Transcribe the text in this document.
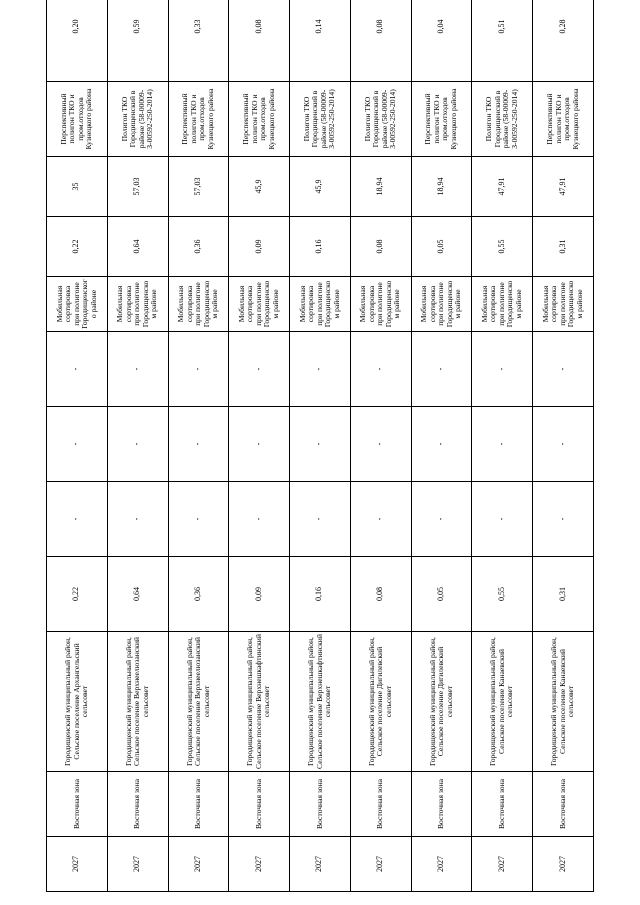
2027	Восточная зона	Городищенский муниципальный район, Сельское поселение Архангельский сельсовет	0,22	-	-	-	Мобильная сортировка при полигоне Городищенского районе	0,22	35	Перспективный полигон ТКО и пром.отходов Кузнецкого района	0,20	
2027	Восточная зона	Городищенский муниципальный район, Сельское поселение Верхнеелюзанский сельсовет	0,64	-	-	-	Мобильная сортировка при полигоне Городищенском районе	0,64	57,03	Полигон ТКО Городищенский в районе (58-00009-З-00592-250-2014)	0,59	
2027	Восточная зона	Городищенский муниципальный район, Сельское поселение Верхнеелюзанский сельсовет	0,36	-	-	-	Мобильная сортировка при полигоне Городищенском районе	0,36	57,03	Перспективный полигон ТКО и пром.отходов Кузнецкого района	0,33	
2027	Восточная зона	Городищенский муниципальный район, Сельское поселение Верхнешкафтинский сельсовет	0,09	-	-	-	Мобильная сортировка при полигоне Городищенском районе	0,09	45,9	Перспективный полигон ТКО и пром.отходов Кузнецкого района	0,08	
2027	Восточная зона	Городищенский муниципальный район, Сельское поселение Верхнешкафтинский сельсовет	0,16	-	-	-	Мобильная сортировка при полигоне Городищенском районе	0,16	45,9	Полигон ТКО Городищенский в районе (58-00009-З-00592-250-2014)	0,14	
2027	Восточная зона	Городищенский муниципальный район, Сельское поселение Дигилевский сельсовет	0,08	-	-	-	Мобильная сортировка при полигоне Городищенском районе	0,08	18,94	Полигон ТКО Городищенский в районе (58-00009-З-00592-250-2014)	0,08	
2027	Восточная зона	Городищенский муниципальный район, Сельское поселение Дигилевский сельсовет	0,05	-	-	-	Мобильная сортировка при полигоне Городищенском районе	0,05	18,94	Перспективный полигон ТКО и пром.отходов Кузнецкого района	0,04	
2027	Восточная зона	Городищенский муниципальный район, Сельское поселение Канаевский сельсовет	0,55	-	-	-	Мобильная сортировка при полигоне Городищенском районе	0,55	47,91	Полигон ТКО Городищенский в районе (58-00009-З-00592-250-2014)	0,51	
2027	Восточная зона	Городищенский муниципальный район, Сельское поселение Канаевский сельсовет	0,31	-	-	-	Мобильная сортировка при полигоне Городищенском районе	0,31	47,91	Перспективный полигон ТКО и пром.отходов Кузнецкого района	0,28	
